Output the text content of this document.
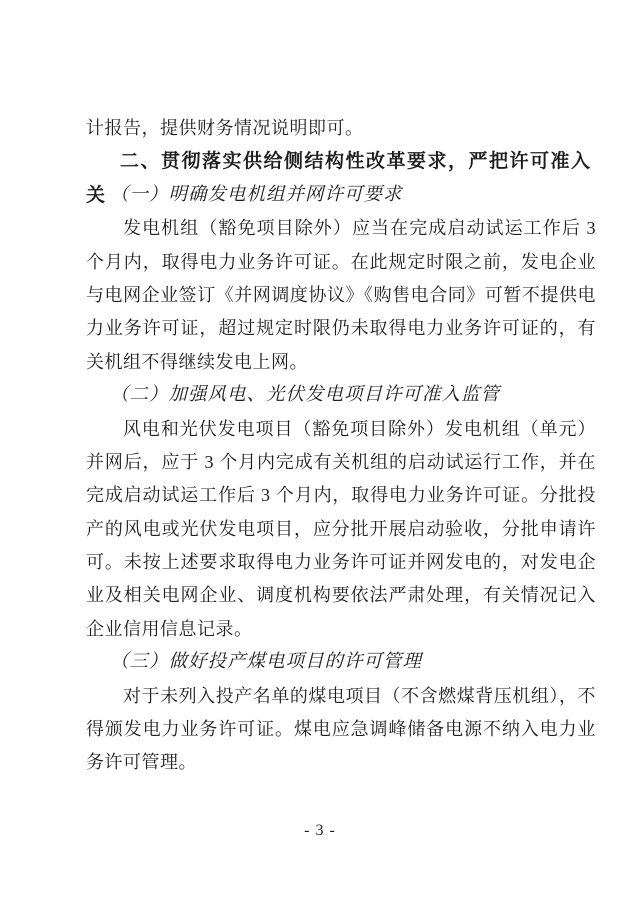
计报告，提供财务情况说明即可。
二、贯彻落实供给侧结构性改革要求，严把许可准入关 （一）明确发电机组并网许可要求
发电机组（豁免项目除外）应当在完成启动试运工作后 3
个月内，取得电力业务许可证。在此规定时限之前，发电企业
与电网企业签订《并网调度协议》《购售电合同》可暂不提供电
力业务许可证，超过规定时限仍未取得电力业务许可证的，有
关机组不得继续发电上网。
（二）加强风电、光伏发电项目许可准入监管
风电和光伏发电项目（豁免项目除外）发电机组（单元）
并网后，应于 3 个月内完成有关机组的启动试运行工作，并在
完成启动试运工作后 3 个月内，取得电力业务许可证。分批投
产的风电或光伏发电项目，应分批开展启动验收，分批申请许
可。未按上述要求取得电力业务许可证并网发电的，对发电企
业及相关电网企业、调度机构要依法严肃处理，有关情况记入
企业信用信息记录。
（三）做好投产煤电项目的许可管理
对于未列入投产名单的煤电项目（不含燃煤背压机组），不
得颁发电力业务许可证。煤电应急调峰储备电源不纳入电力业
务许可管理。
- 3 -
